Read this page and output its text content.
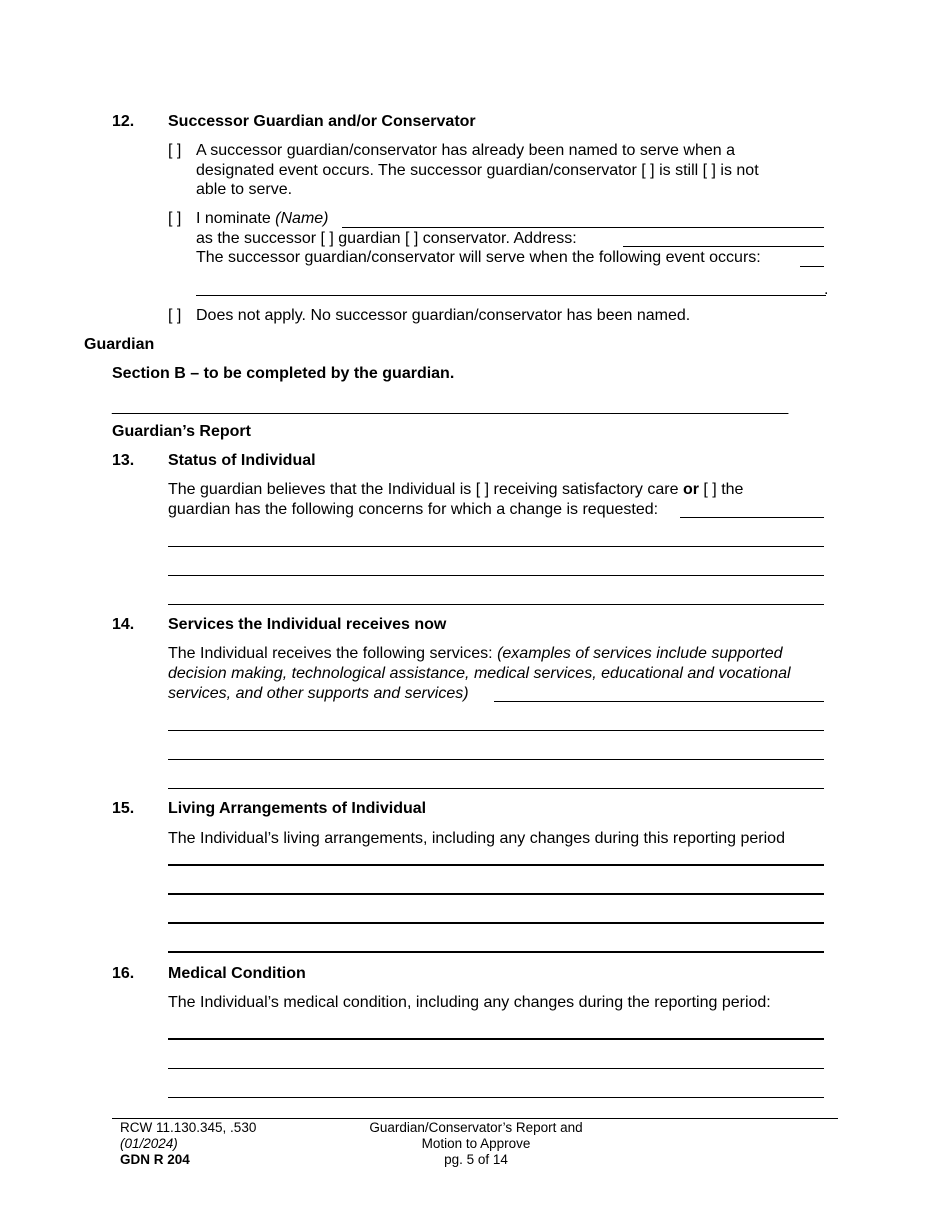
12. Successor Guardian and/or Conservator
[ ] A successor guardian/conservator has already been named to serve when a
designated event occurs. The successor guardian/conservator [ ] is still [ ] is not
able to serve.
[ ] I nominate (Name)
as the successor [ ] guardian [ ] conservator. Address:
The successor guardian/conservator will serve when the following event occurs:
.
[ ] Does not apply. No successor guardian/conservator has been named.
Guardian
Section B – to be completed by the guardian.
____________________________________________________________________________
Guardian’s Report
13. Status of Individual
The guardian believes that the Individual is [ ] receiving satisfactory care or [ ] the
guardian has the following concerns for which a change is requested:
14. Services the Individual receives now
The Individual receives the following services: (examples of services include supported
decision making, technological assistance, medical services, educational and vocational
services, and other supports and services)
15. Living Arrangements of Individual
The Individual’s living arrangements, including any changes during this reporting period
16. Medical Condition
The Individual’s medical condition, including any changes during the reporting period:
RCW 11.130.345, .530
(01/2024)
GDN R 204
Guardian/Conservator’s Report and
Motion to Approve
pg. 5 of 14
